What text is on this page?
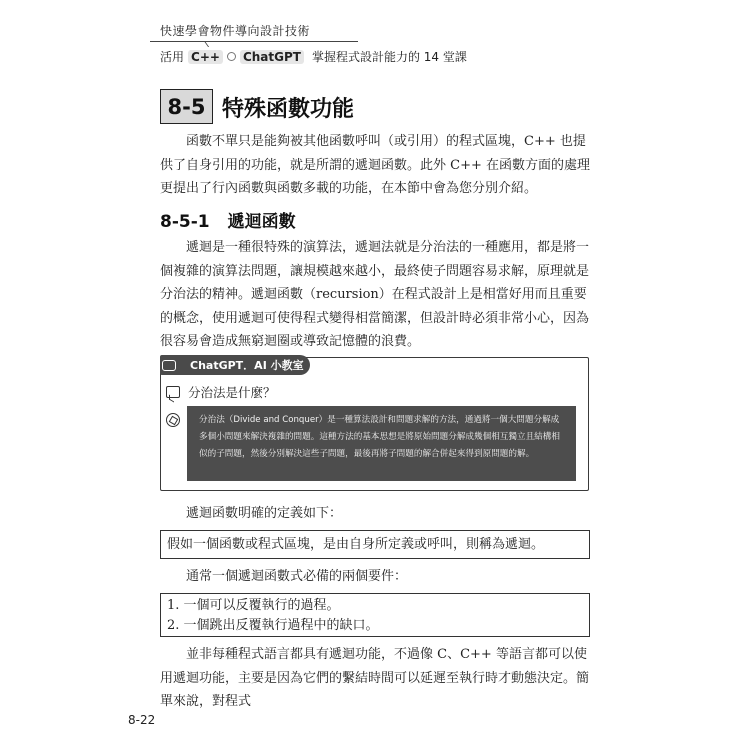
快速學會物件導向設計技術
活用 C++ ChatGPT 掌握程式設計能力的 14 堂課
8-5 特殊函數功能

函數不單只是能夠被其他函數呼叫（或引用）的程式區塊，C++ 也提供了自身引用的功能，就是所謂的遞迴函數。此外 C++ 在函數方面的處理更提出了行內函數與函數多載的功能，在本節中會為您分別介紹。

8-5-1 遞迴函數

遞迴是一種很特殊的演算法，遞迴法就是分治法的一種應用，都是將一個複雜的演算法問題，讓規模越來越小，最終使子問題容易求解，原理就是分治法的精神。遞迴函數（recursion）在程式設計上是相當好用而且重要的概念，使用遞迴可使得程式變得相當簡潔，但設計時必須非常小心，因為很容易會造成無窮迴圈或導致記憶體的浪費。

ChatGPT．AI 小教室
分治法是什麼？
分治法（Divide and Conquer）是一種算法設計和問題求解的方法，通過將一個大問題分解成多個小問題來解決複雜的問題。這種方法的基本思想是將原始問題分解成幾個相互獨立且結構相似的子問題，然後分別解決這些子問題，最後再將子問題的解合併起來得到原問題的解。

遞迴函數明確的定義如下：

假如一個函數或程式區塊，是由自身所定義或呼叫，則稱為遞迴。

通常一個遞迴函數式必備的兩個要件：

1. 一個可以反覆執行的過程。
2. 一個跳出反覆執行過程中的缺口。

並非每種程式語言都具有遞迴功能，不過像 C、C++ 等語言都可以使用遞迴功能，主要是因為它們的繫結時間可以延遲至執行時才動態決定。簡單來說，對程式

8-22
